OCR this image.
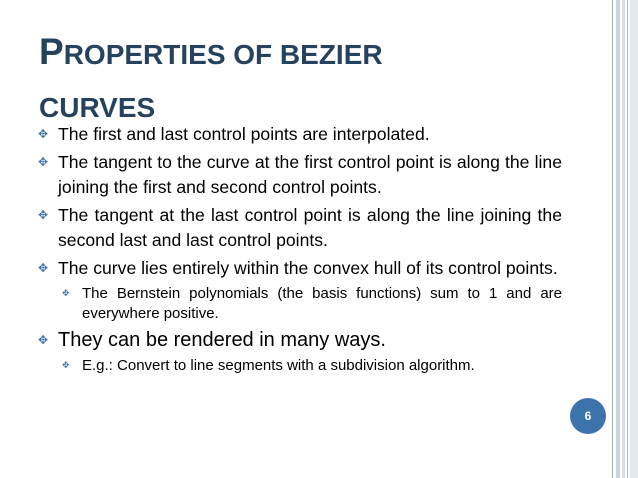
PROPERTIES OF BEZIER
CURVES
✥ The first and last control points are interpolated.
✥ The tangent to the curve at the first control point is along the line joining the first and second control points.
✥ The tangent at the last control point is along the line joining the second last and last control points.
✥ The curve lies entirely within the convex hull of its control points.
✥ The Bernstein polynomials (the basis functions) sum to 1 and are everywhere positive.
✥ They can be rendered in many ways.
✥ E.g.: Convert to line segments with a subdivision algorithm.
6
